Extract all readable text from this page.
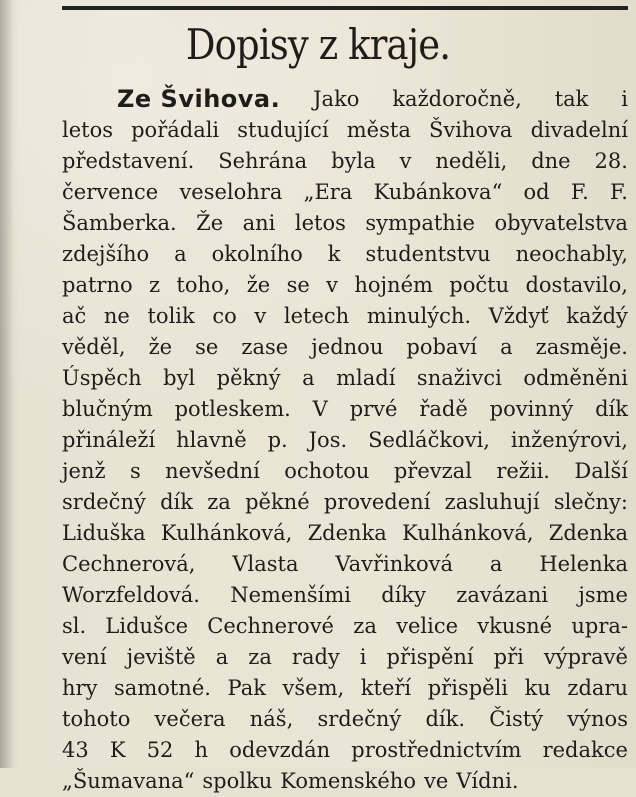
Dopisy z kraje.
Ze Švihova. Jako každoročně, tak i
letos pořádali studující města Švihova divadelní
představení. Sehrána byla v neděli, dne 28.
července veselohra „Era Kubánkova“ od F. F.
Šamberka. Že ani letos sympathie obyvatelstva
zdejšího a okolního k studentstvu neochably,
patrno z toho, že se v hojném počtu dostavilo,
ač ne tolik co v letech minulých. Vždyť každý
věděl, že se zase jednou pobaví a zasměje.
Úspěch byl pěkný a mladí snaživci odměněni
blučným potleskem. V prvé řadě povinný dík
přináleží hlavně p. Jos. Sedláčkovi, inženýrovi,
jenž s nevšední ochotou převzal režii. Další
srdečný dík za pěkné provedení zasluhují slečny:
Liduška Kulhánková, Zdenka Kulhánková, Zdenka
Cechnerová, Vlasta Vavřinková a Helenka
Worzfeldová. Nemenšími díky zavázani jsme
sl. Lidušce Cechnerové za velice vkusné upra-
vení jeviště a za rady i přispění při výpravě
hry samotné. Pak všem, kteří přispěli ku zdaru
tohoto večera náš, srdečný dík. Čistý výnos
43 K 52 h odevzdán prostřednictvím redakce
„Šumavana“ spolku Komenského ve Vídni.
